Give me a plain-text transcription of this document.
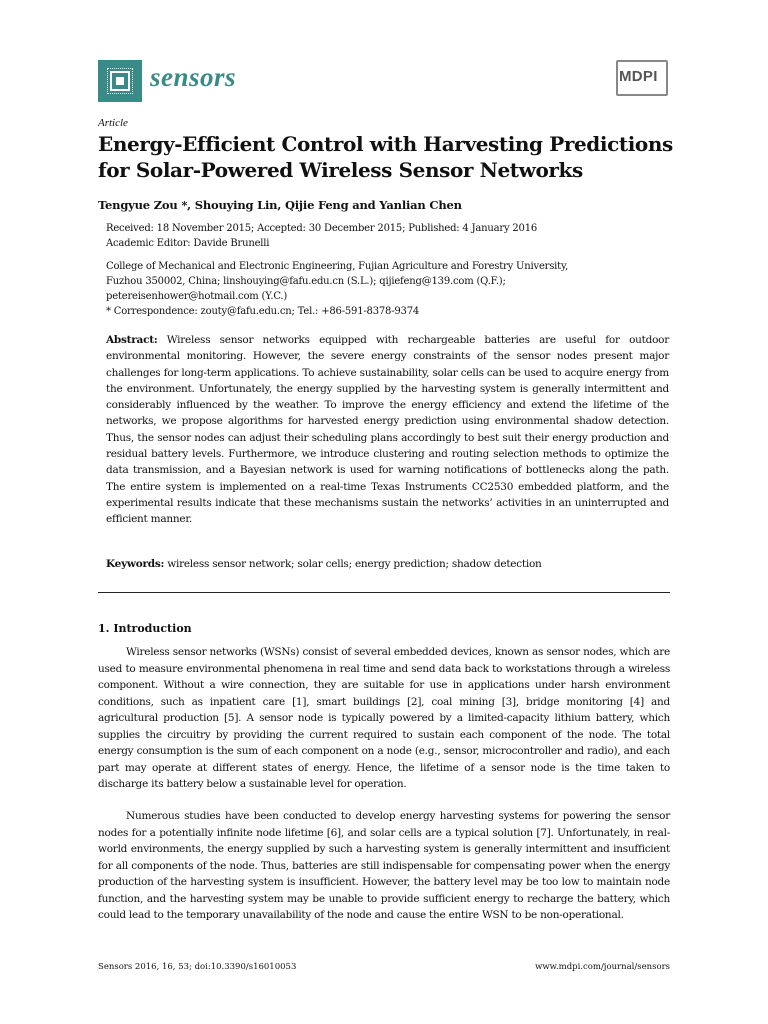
sensors	MDPI
Article
Energy-Efficient Control with Harvesting Predictions for Solar-Powered Wireless Sensor Networks
Tengyue Zou *, Shouying Lin, Qijie Feng and Yanlian Chen
Received: 18 November 2015; Accepted: 30 December 2015; Published: 4 January 2016
Academic Editor: Davide Brunelli
College of Mechanical and Electronic Engineering, Fujian Agriculture and Forestry University,
Fuzhou 350002, China; linshouying@fafu.edu.cn (S.L.); qijiefeng@139.com (Q.F.);
petereisenhower@hotmail.com (Y.C.)
* Correspondence: zouty@fafu.edu.cn; Tel.: +86-591-8378-9374
Abstract: Wireless sensor networks equipped with rechargeable batteries are useful for outdoor environmental monitoring. However, the severe energy constraints of the sensor nodes present major challenges for long-term applications. To achieve sustainability, solar cells can be used to acquire energy from the environment. Unfortunately, the energy supplied by the harvesting system is generally intermittent and considerably influenced by the weather. To improve the energy efficiency and extend the lifetime of the networks, we propose algorithms for harvested energy prediction using environmental shadow detection. Thus, the sensor nodes can adjust their scheduling plans accordingly to best suit their energy production and residual battery levels. Furthermore, we introduce clustering and routing selection methods to optimize the data transmission, and a Bayesian network is used for warning notifications of bottlenecks along the path. The entire system is implemented on a real-time Texas Instruments CC2530 embedded platform, and the experimental results indicate that these mechanisms sustain the networks’ activities in an uninterrupted and efficient manner.
Keywords: wireless sensor network; solar cells; energy prediction; shadow detection
1. Introduction
Wireless sensor networks (WSNs) consist of several embedded devices, known as sensor nodes, which are used to measure environmental phenomena in real time and send data back to workstations through a wireless component. Without a wire connection, they are suitable for use in applications under harsh environment conditions, such as inpatient care [1], smart buildings [2], coal mining [3], bridge monitoring [4] and agricultural production [5]. A sensor node is typically powered by a limited-capacity lithium battery, which supplies the circuitry by providing the current required to sustain each component of the node. The total energy consumption is the sum of each component on a node (e.g., sensor, microcontroller and radio), and each part may operate at different states of energy. Hence, the lifetime of a sensor node is the time taken to discharge its battery below a sustainable level for operation.
Numerous studies have been conducted to develop energy harvesting systems for powering the sensor nodes for a potentially infinite node lifetime [6], and solar cells are a typical solution [7]. Unfortunately, in real-world environments, the energy supplied by such a harvesting system is generally intermittent and insufficient for all components of the node. Thus, batteries are still indispensable for compensating power when the energy production of the harvesting system is insufficient. However, the battery level may be too low to maintain node function, and the harvesting system may be unable to provide sufficient energy to recharge the battery, which could lead to the temporary unavailability of the node and cause the entire WSN to be non-operational.
Sensors 2016, 16, 53; doi:10.3390/s16010053	www.mdpi.com/journal/sensors
